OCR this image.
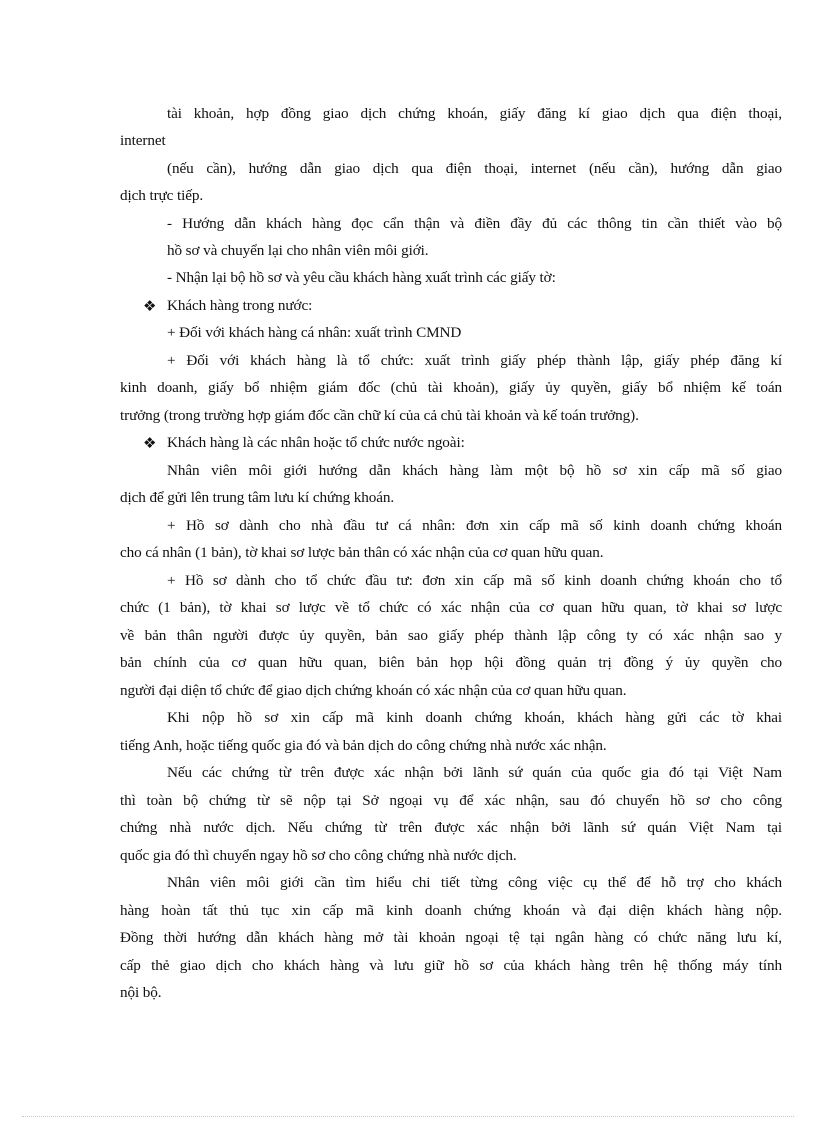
tài khoản, hợp đồng giao dịch chứng khoán, giấy đăng kí giao dịch qua điện thoại,
internet
(nếu cần), hướng dẫn giao dịch qua điện thoại, internet (nếu cần), hướng dẫn giao
dịch trực tiếp.
- Hướng dẫn khách hàng đọc cẩn thận và điền đầy đủ các thông tin cần thiết vào bộ
hồ sơ và chuyển lại cho nhân viên môi giới.
- Nhận lại bộ hồ sơ và yêu cầu khách hàng xuất trình các giấy tờ:
❖ Khách hàng trong nước:
+ Đối với khách hàng cá nhân: xuất trình CMND
+ Đối với khách hàng là tổ chức: xuất trình giấy phép thành lập, giấy phép đăng kí
kinh doanh, giấy bổ nhiệm giám đốc (chủ tài khoản), giấy ủy quyền, giấy bổ nhiệm kế toán
trưởng (trong trường hợp giám đốc cần chữ kí của cả chủ tài khoản và kế toán trưởng).
❖ Khách hàng là các nhân hoặc tổ chức nước ngoài:
Nhân viên môi giới hướng dẫn khách hàng làm một bộ hồ sơ xin cấp mã số giao
dịch để gửi lên trung tâm lưu kí chứng khoán.
+ Hồ sơ dành cho nhà đầu tư cá nhân: đơn xin cấp mã số kinh doanh chứng khoán
cho cá nhân (1 bản), tờ khai sơ lược bản thân có xác nhận của cơ quan hữu quan.
+ Hồ sơ dành cho tổ chức đầu tư: đơn xin cấp mã số kinh doanh chứng khoán cho tổ
chức (1 bản), tờ khai sơ lược về tổ chức có xác nhận của cơ quan hữu quan, tờ khai sơ lược
về bản thân người được ủy quyền, bản sao giấy phép thành lập công ty có xác nhận sao y
bản chính của cơ quan hữu quan, biên bản họp hội đồng quản trị đồng ý ủy quyền cho
người đại diện tổ chức để giao dịch chứng khoán có xác nhận của cơ quan hữu quan.
Khi nộp hồ sơ xin cấp mã kinh doanh chứng khoán, khách hàng gửi các tờ khai
tiếng Anh, hoặc tiếng quốc gia đó và bản dịch do công chứng nhà nước xác nhận.
Nếu các chứng từ trên được xác nhận bởi lãnh sứ quán của quốc gia đó tại Việt Nam
thì toàn bộ chứng từ sẽ nộp tại Sở ngoại vụ để xác nhận, sau đó chuyển hồ sơ cho công
chứng nhà nước dịch. Nếu chứng từ trên được xác nhận bởi lãnh sứ quán Việt Nam tại
quốc gia đó thì chuyển ngay hồ sơ cho công chứng nhà nước dịch.
Nhân viên môi giới cần tìm hiểu chi tiết từng công việc cụ thể để hỗ trợ cho khách
hàng hoàn tất thủ tục xin cấp mã kinh doanh chứng khoán và đại diện khách hàng nộp.
Đồng thời hướng dẫn khách hàng mở tài khoản ngoại tệ tại ngân hàng có chức năng lưu kí,
cấp thẻ giao dịch cho khách hàng và lưu giữ hồ sơ của khách hàng trên hệ thống máy tính
nội bộ.
